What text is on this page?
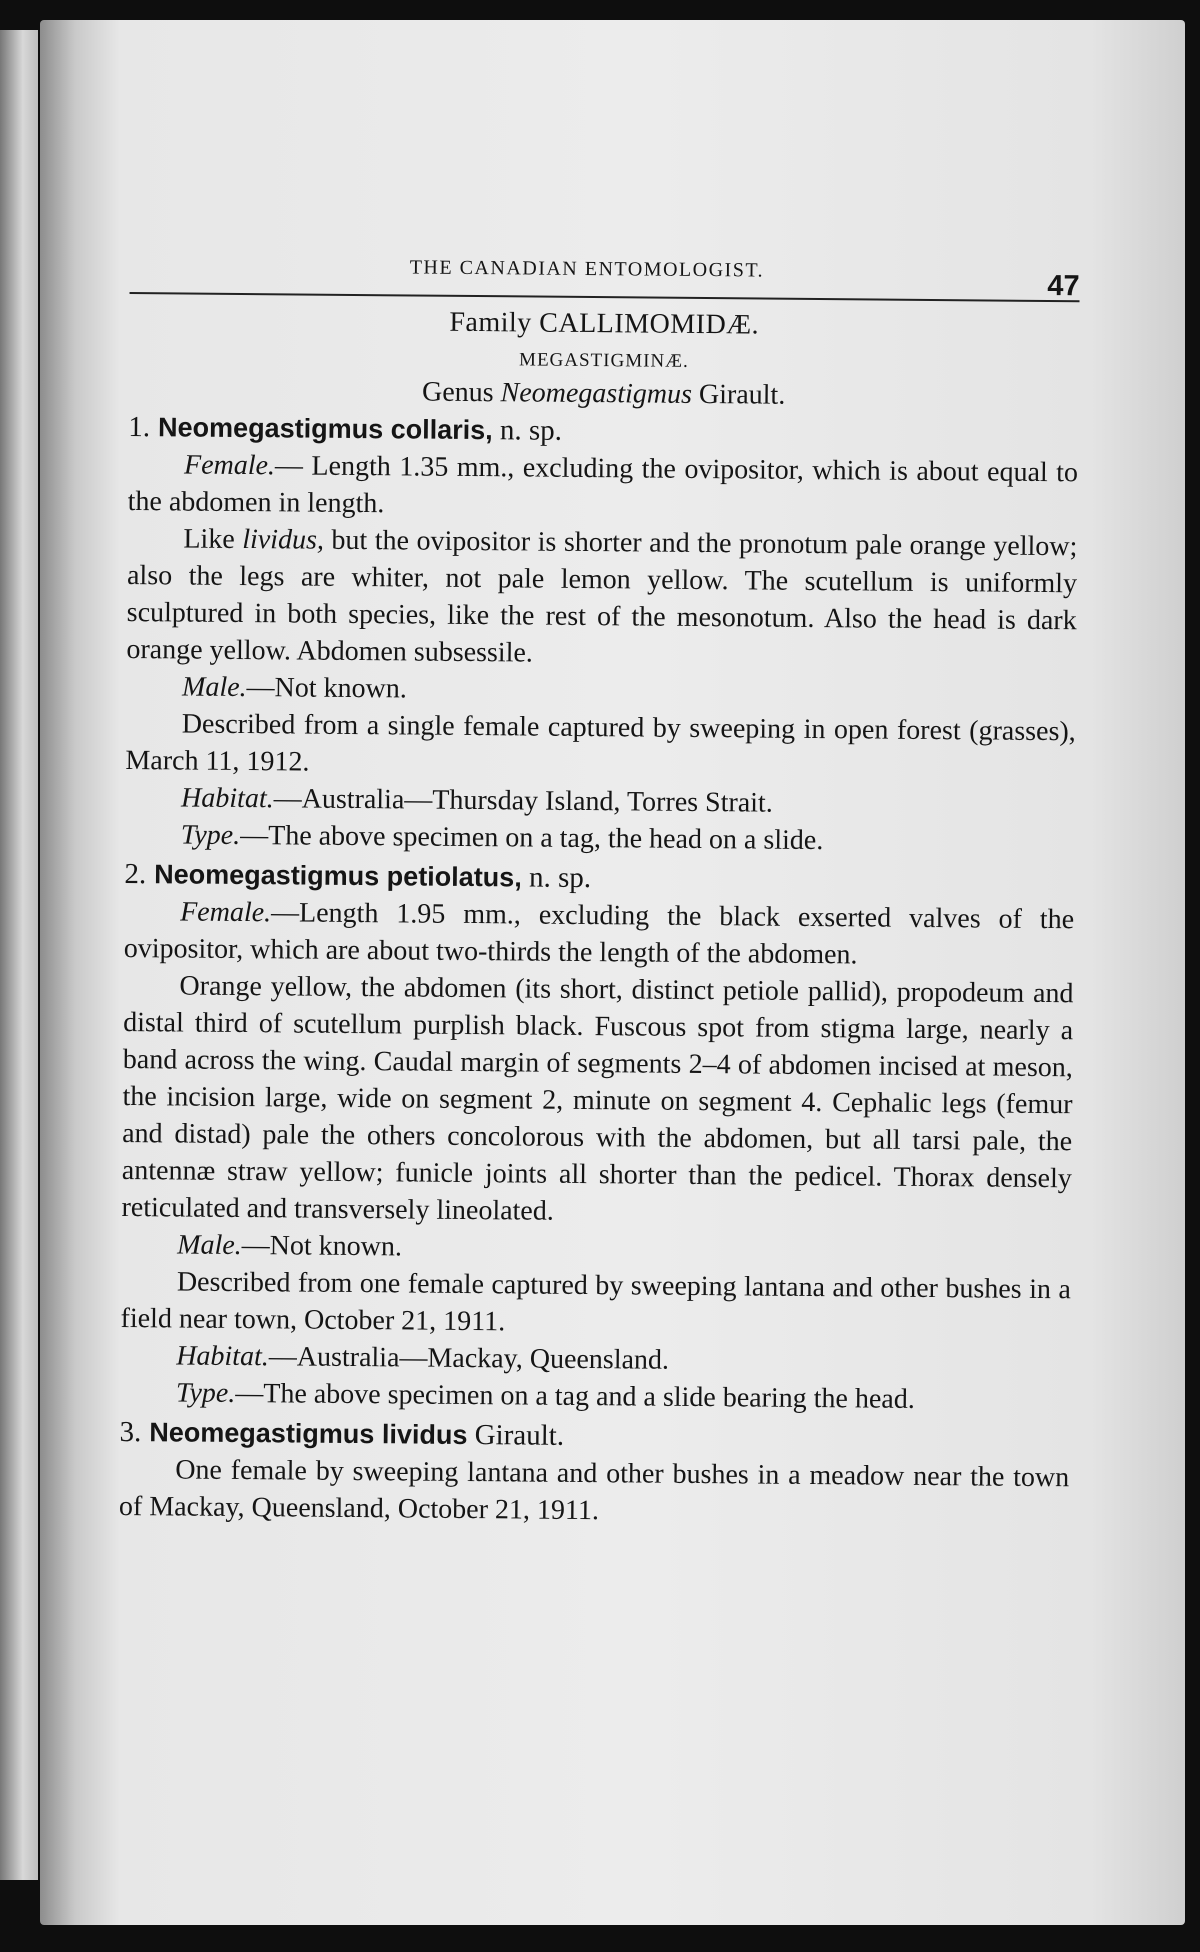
THE CANADIAN ENTOMOLOGIST.
47
Family CALLIMOMIDÆ.
MEGASTIGMINÆ.
Genus Neomegastigmus Girault.
1. Neomegastigmus collaris, n. sp.

Female.— Length 1.35 mm., excluding the ovipositor, which is about equal to the abdomen in length.

Like lividus, but the ovipositor is shorter and the pronotum pale orange yellow; also the legs are whiter, not pale lemon yellow. The scutellum is uniformly sculptured in both species, like the rest of the mesonotum. Also the head is dark orange yellow. Abdomen subsessile.

Male.—Not known.

Described from a single female captured by sweeping in open forest (grasses), March 11, 1912.

Habitat.—Australia—Thursday Island, Torres Strait.

Type.—The above specimen on a tag, the head on a slide.

2. Neomegastigmus petiolatus, n. sp.

Female.—Length 1.95 mm., excluding the black exserted valves of the ovipositor, which are about two-thirds the length of the abdomen.

Orange yellow, the abdomen (its short, distinct petiole pallid), propodeum and distal third of scutellum purplish black. Fuscous spot from stigma large, nearly a band across the wing. Caudal margin of segments 2–4 of abdomen incised at meson, the incision large, wide on segment 2, minute on segment 4. Cephalic legs (femur and distad) pale the others concolorous with the abdomen, but all tarsi pale, the antennæ straw yellow; funicle joints all shorter than the pedicel. Thorax densely reticulated and transversely lineolated.

Male.—Not known.

Described from one female captured by sweeping lantana and other bushes in a field near town, October 21, 1911.

Habitat.—Australia—Mackay, Queensland.

Type.—The above specimen on a tag and a slide bearing the head.

3. Neomegastigmus lividus Girault.

One female by sweeping lantana and other bushes in a meadow near the town of Mackay, Queensland, October 21, 1911.
